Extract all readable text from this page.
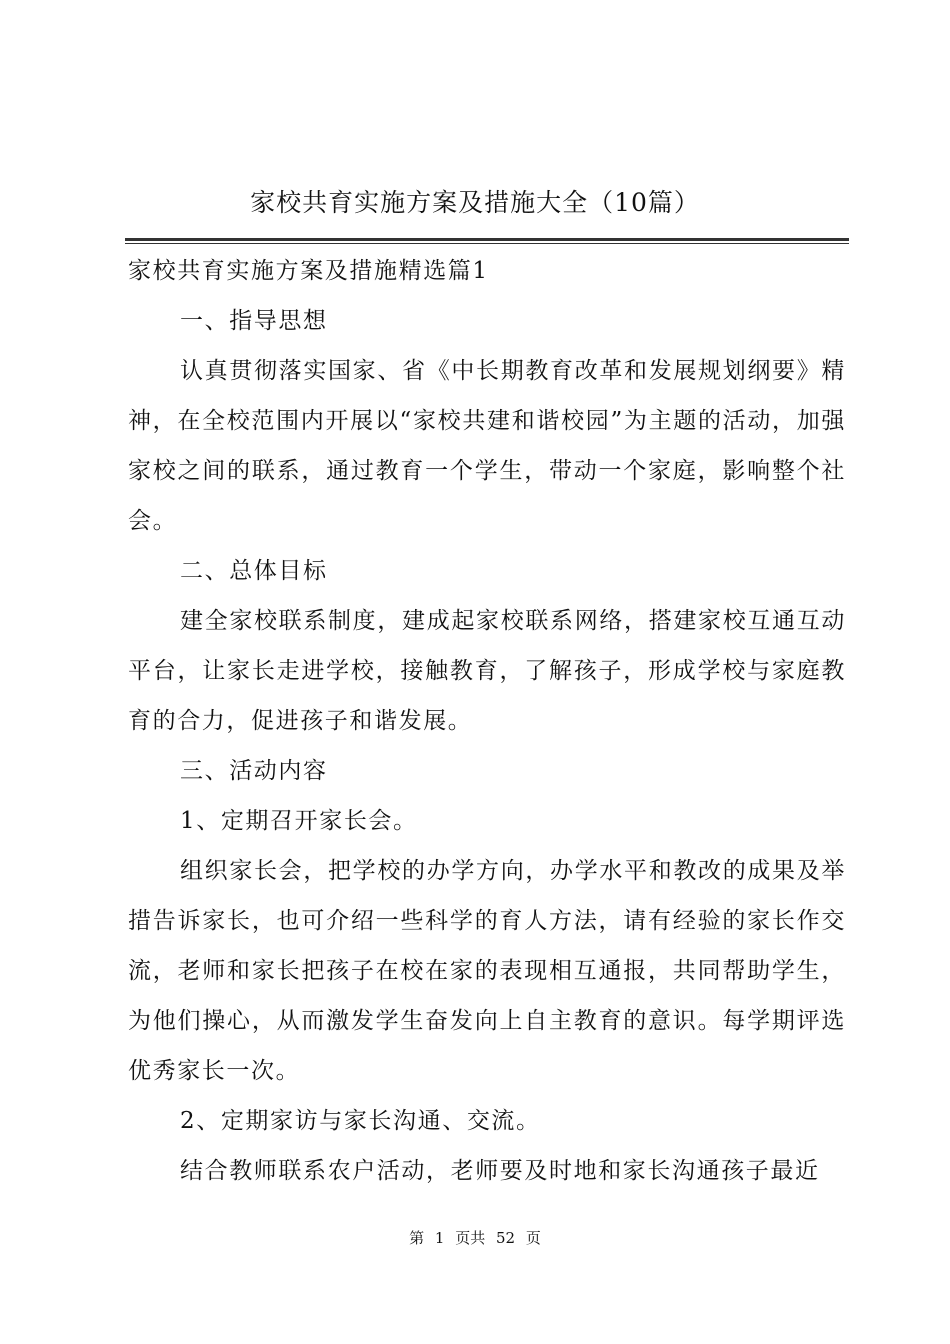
家校共育实施方案及措施大全（10篇）

家校共育实施方案及措施精选篇1

一、指导思想

认真贯彻落实国家、省《中长期教育改革和发展规划纲要》精神，在全校范围内开展以“家校共建和谐校园”为主题的活动，加强家校之间的联系，通过教育一个学生，带动一个家庭，影响整个社会。

二、总体目标

建全家校联系制度，建成起家校联系网络，搭建家校互通互动平台，让家长走进学校，接触教育，了解孩子，形成学校与家庭教育的合力，促进孩子和谐发展。

三、活动内容

1、定期召开家长会。

组织家长会，把学校的办学方向，办学水平和教改的成果及举措告诉家长，也可介绍一些科学的育人方法，请有经验的家长作交流，老师和家长把孩子在校在家的表现相互通报，共同帮助学生，为他们操心，从而激发学生奋发向上自主教育的意识。每学期评选优秀家长一次。

2、定期家访与家长沟通、交流。

结合教师联系农户活动，老师要及时地和家长沟通孩子最近

第 1 页共 52 页
